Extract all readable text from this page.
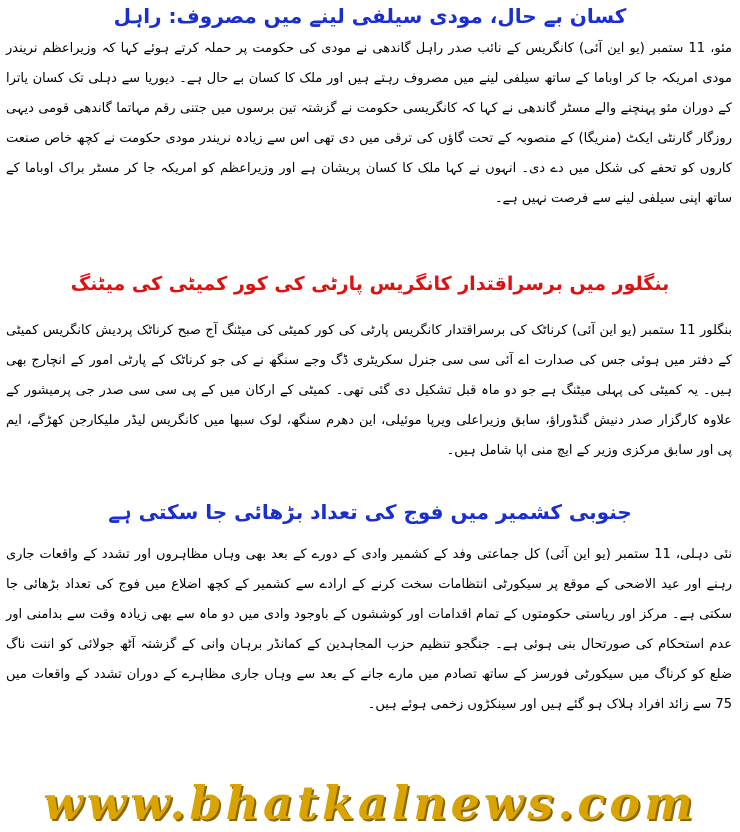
کسان بے حال، مودی سیلفی لینے میں مصروف: راہل
مئو، 11 ستمبر (یو این آئی) کانگریس کے نائب صدر راہل گاندھی نے مودی کی حکومت پر حملہ کرتے ہوئے کہا کہ وزیراعظم نریندر مودی امریکہ جا کر اوباما کے ساتھ سیلفی لینے میں مصروف رہتے ہیں اور ملک کا کسان بے حال ہے۔ دیوریا سے دہلی تک کسان یاترا کے دوران مئو پہنچنے والے مسٹر گاندھی نے کہا کہ کانگریسی حکومت نے گزشتہ تین برسوں میں جتنی رقم مہاتما گاندھی قومی دیہی روزگار گارنٹی ایکٹ (منریگا) کے منصوبہ کے تحت گاؤں کی ترقی میں دی تھی اس سے زیادہ نریندر مودی حکومت نے کچھ خاص صنعت کاروں کو تحفے کی شکل میں دے دی۔ انہوں نے کہا ملک کا کسان پریشان ہے اور وزیراعظم کو امریکہ جا کر مسٹر براک اوباما کے ساتھ اپنی سیلفی لینے سے فرصت نہیں ہے۔
بنگلور میں برسراقتدار کانگریس پارٹی کی کور کمیٹی کی میٹنگ
بنگلور 11 ستمبر (یو این آئی) کرناٹک کی برسراقتدار کانگریس پارٹی کی کور کمیٹی کی میٹنگ آج صبح کرناٹک پردیش کانگریس کمیٹی کے دفتر میں ہوئی جس کی صدارت اے آئی سی سی جنرل سکریٹری ڈگ وجے سنگھ نے کی جو کرناٹک کے پارٹی امور کے انچارج بھی ہیں۔ یہ کمیٹی کی پہلی میٹنگ ہے جو دو ماہ قبل تشکیل دی گئی تھی۔ کمیٹی کے ارکان میں کے پی سی سی صدر جی پرمیشور کے علاوہ کارگزار صدر دنیش گنڈوراؤ، سابق وزیراعلی ویرپا موئیلی، این دھرم سنگھ، لوک سبھا میں کانگریس لیڈر ملیکارجن کھڑگے، ایم پی اور سابق مرکزی وزیر کے ایچ منی اپا شامل ہیں۔
جنوبی کشمیر میں فوج کی تعداد بڑھائی جا سکتی ہے
نئی دہلی، 11 ستمبر (یو این آئی) کل جماعتی وفد کے کشمیر وادی کے دورے کے بعد بھی وہاں مظاہروں اور تشدد کے واقعات جاری رہنے اور عید الاضحی کے موقع پر سیکورٹی انتظامات سخت کرنے کے ارادے سے کشمیر کے کچھ اضلاع میں فوج کی تعداد بڑھائی جا سکتی ہے۔ مرکز اور ریاستی حکومتوں کے تمام اقدامات اور کوششوں کے باوجود وادی میں دو ماہ سے بھی زیادہ وقت سے بدامنی اور عدم استحکام کی صورتحال بنی ہوئی ہے۔ جنگجو تنظیم حزب المجاہدین کے کمانڈر برہان وانی کے گزشتہ آٹھ جولائی کو اننت ناگ ضلع کو کرناگ میں سیکورٹی فورسز کے ساتھ تصادم میں مارے جانے کے بعد سے وہاں جاری مظاہرے کے دوران تشدد کے واقعات میں 75 سے زائد افراد ہلاک ہو گئے ہیں اور سینکڑوں زخمی ہوئے ہیں۔
www.bhatkalnews.com
